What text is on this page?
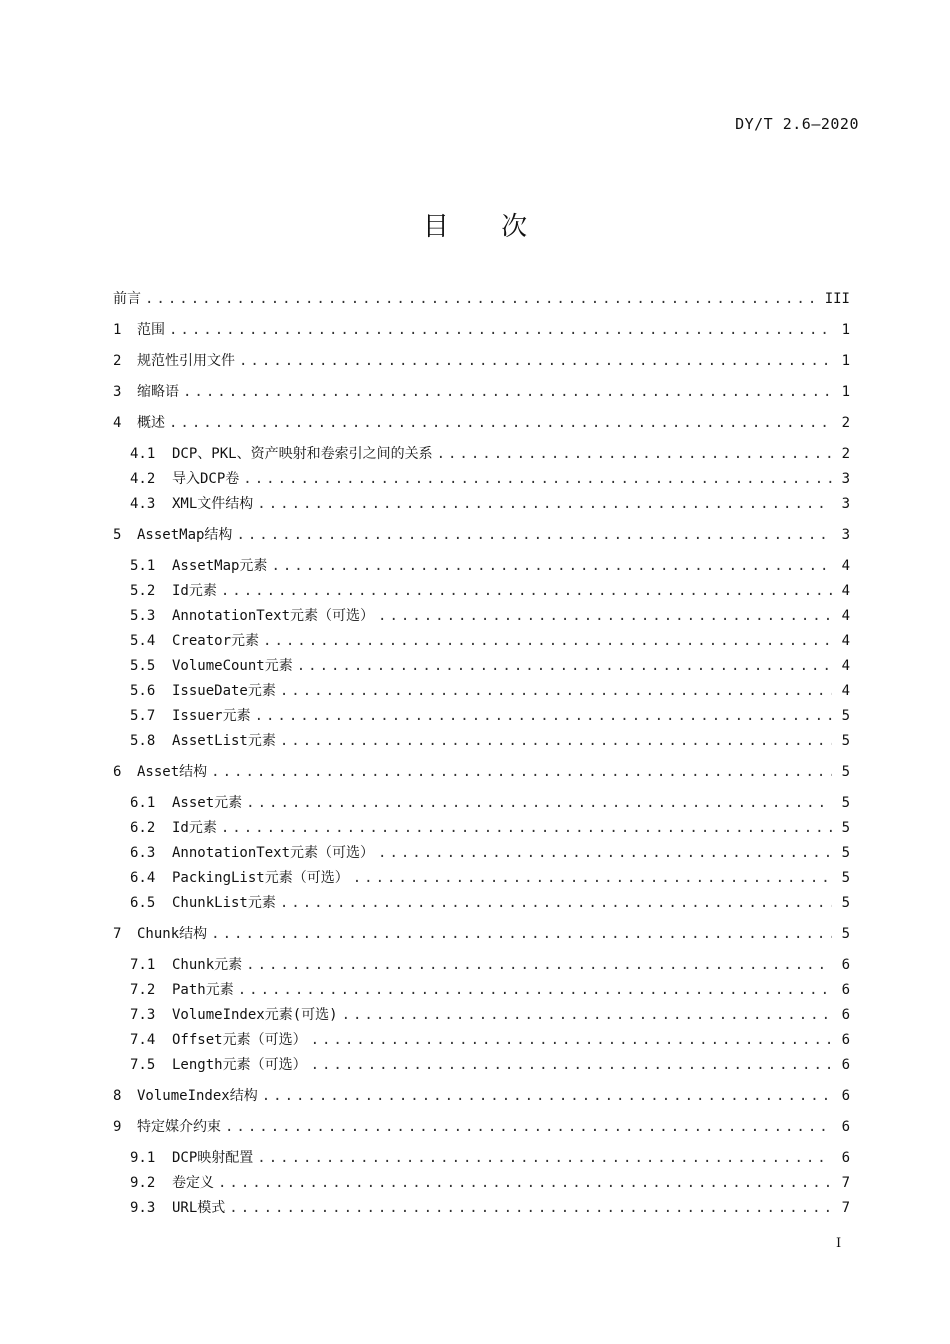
DY/T 2.6—2020
目 次
前言 .....	III
1	范围 .....	1
2	规范性引用文件 .....	1
3	缩略语 .....	1
4	概述 .....	2
4.1	DCP、PKL、资产映射和卷索引之间的关系 .....	2
4.2	导入DCP卷 .....	3
4.3	XML文件结构 .....	3
5	AssetMap结构 .....	3
5.1	AssetMap元素 .....	4
5.2	Id元素 .....	4
5.3	AnnotationText元素（可选） .....	4
5.4	Creator元素 .....	4
5.5	VolumeCount元素 .....	4
5.6	IssueDate元素 .....	4
5.7	Issuer元素 .....	5
5.8	AssetList元素 .....	5
6	Asset结构 .....	5
6.1	Asset元素 .....	5
6.2	Id元素 .....	5
6.3	AnnotationText元素（可选） .....	5
6.4	PackingList元素（可选） .....	5
6.5	ChunkList元素 .....	5
7	Chunk结构 .....	5
7.1	Chunk元素 .....	6
7.2	Path元素 .....	6
7.3	VolumeIndex元素(可选) .....	6
7.4	Offset元素（可选） .....	6
7.5	Length元素（可选） .....	6
8	VolumeIndex结构 .....	6
9	特定媒介约束 .....	6
9.1	DCP映射配置 .....	6
9.2	卷定义 .....	7
9.3	URL模式 .....	7
I
